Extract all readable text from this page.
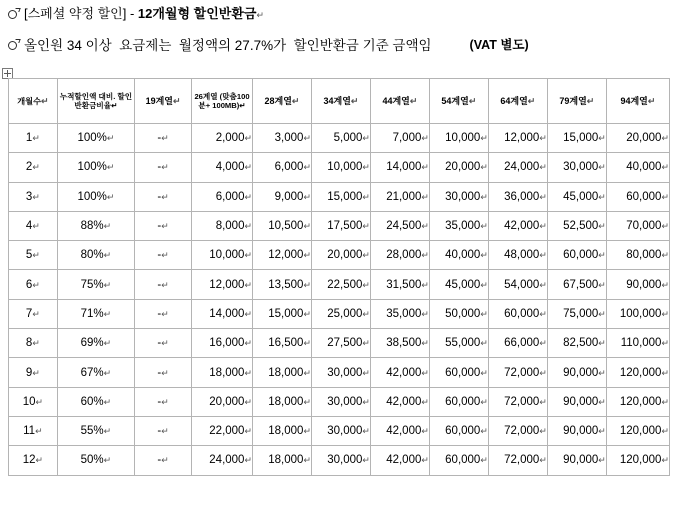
[스페셜 약정 할인] - 12개월형 할인반환금↵
올인원 34 이상  요금제는  월정액의 27.7%가  할인반환금 기준 금액임	(VAT 별도)
개월수↵	누적할인액 대비. 할인반환금비율↵	19계열↵	26계열 (맞춤100분+ 100MB)↵	28계열↵	34계열↵	44계열↵	54계열↵	64계열↵	79계열↵	94계열↵
1↵	100%↵	-↵	2,000↵	3,000↵	5,000↵	7,000↵	10,000↵	12,000↵	15,000↵	20,000↵
2↵	100%↵	-↵	4,000↵	6,000↵	10,000↵	14,000↵	20,000↵	24,000↵	30,000↵	40,000↵
3↵	100%↵	-↵	6,000↵	9,000↵	15,000↵	21,000↵	30,000↵	36,000↵	45,000↵	60,000↵
4↵	88%↵	-↵	8,000↵	10,500↵	17,500↵	24,500↵	35,000↵	42,000↵	52,500↵	70,000↵
5↵	80%↵	-↵	10,000↵	12,000↵	20,000↵	28,000↵	40,000↵	48,000↵	60,000↵	80,000↵
6↵	75%↵	-↵	12,000↵	13,500↵	22,500↵	31,500↵	45,000↵	54,000↵	67,500↵	90,000↵
7↵	71%↵	-↵	14,000↵	15,000↵	25,000↵	35,000↵	50,000↵	60,000↵	75,000↵	100,000↵
8↵	69%↵	-↵	16,000↵	16,500↵	27,500↵	38,500↵	55,000↵	66,000↵	82,500↵	110,000↵
9↵	67%↵	-↵	18,000↵	18,000↵	30,000↵	42,000↵	60,000↵	72,000↵	90,000↵	120,000↵
10↵	60%↵	-↵	20,000↵	18,000↵	30,000↵	42,000↵	60,000↵	72,000↵	90,000↵	120,000↵
11↵	55%↵	-↵	22,000↵	18,000↵	30,000↵	42,000↵	60,000↵	72,000↵	90,000↵	120,000↵
12↵	50%↵	-↵	24,000↵	18,000↵	30,000↵	42,000↵	60,000↵	72,000↵	90,000↵	120,000↵
